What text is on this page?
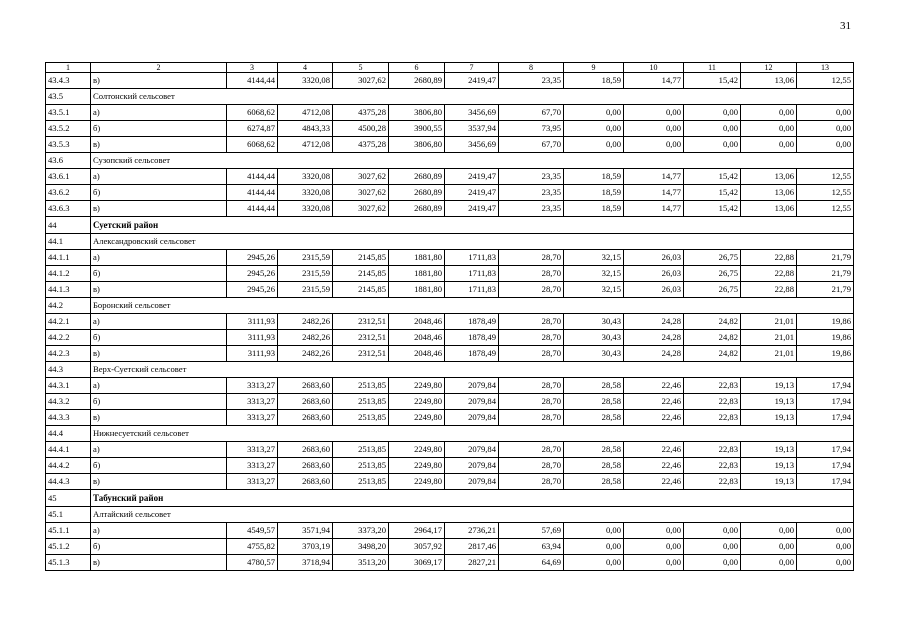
31
1	2	3	4	5	6	7	8	9	10	11	12	13
43.4.3	в)	4144,44	3320,08	3027,62	2680,89	2419,47	23,35	18,59	14,77	15,42	13,06	12,55
43.5	Солтонский сельсовет											
43.5.1	а)	6068,62	4712,08	4375,28	3806,80	3456,69	67,70	0,00	0,00	0,00	0,00	0,00
43.5.2	б)	6274,87	4843,33	4500,28	3900,55	3537,94	73,95	0,00	0,00	0,00	0,00	0,00
43.5.3	в)	6068,62	4712,08	4375,28	3806,80	3456,69	67,70	0,00	0,00	0,00	0,00	0,00
43.6	Сузопский сельсовет											
43.6.1	а)	4144,44	3320,08	3027,62	2680,89	2419,47	23,35	18,59	14,77	15,42	13,06	12,55
43.6.2	б)	4144,44	3320,08	3027,62	2680,89	2419,47	23,35	18,59	14,77	15,42	13,06	12,55
43.6.3	в)	4144,44	3320,08	3027,62	2680,89	2419,47	23,35	18,59	14,77	15,42	13,06	12,55
44	Суетский район											
44.1	Александровский сельсовет											
44.1.1	а)	2945,26	2315,59	2145,85	1881,80	1711,83	28,70	32,15	26,03	26,75	22,88	21,79
44.1.2	б)	2945,26	2315,59	2145,85	1881,80	1711,83	28,70	32,15	26,03	26,75	22,88	21,79
44.1.3	в)	2945,26	2315,59	2145,85	1881,80	1711,83	28,70	32,15	26,03	26,75	22,88	21,79
44.2	Боронский сельсовет											
44.2.1	а)	3111,93	2482,26	2312,51	2048,46	1878,49	28,70	30,43	24,28	24,82	21,01	19,86
44.2.2	б)	3111,93	2482,26	2312,51	2048,46	1878,49	28,70	30,43	24,28	24,82	21,01	19,86
44.2.3	в)	3111,93	2482,26	2312,51	2048,46	1878,49	28,70	30,43	24,28	24,82	21,01	19,86
44.3	Верх-Суетский сельсовет											
44.3.1	а)	3313,27	2683,60	2513,85	2249,80	2079,84	28,70	28,58	22,46	22,83	19,13	17,94
44.3.2	б)	3313,27	2683,60	2513,85	2249,80	2079,84	28,70	28,58	22,46	22,83	19,13	17,94
44.3.3	в)	3313,27	2683,60	2513,85	2249,80	2079,84	28,70	28,58	22,46	22,83	19,13	17,94
44.4	Нижнесуетский сельсовет											
44.4.1	а)	3313,27	2683,60	2513,85	2249,80	2079,84	28,70	28,58	22,46	22,83	19,13	17,94
44.4.2	б)	3313,27	2683,60	2513,85	2249,80	2079,84	28,70	28,58	22,46	22,83	19,13	17,94
44.4.3	в)	3313,27	2683,60	2513,85	2249,80	2079,84	28,70	28,58	22,46	22,83	19,13	17,94
45	Табунский район											
45.1	Алтайский сельсовет											
45.1.1	а)	4549,57	3571,94	3373,20	2964,17	2736,21	57,69	0,00	0,00	0,00	0,00	0,00
45.1.2	б)	4755,82	3703,19	3498,20	3057,92	2817,46	63,94	0,00	0,00	0,00	0,00	0,00
45.1.3	в)	4780,57	3718,94	3513,20	3069,17	2827,21	64,69	0,00	0,00	0,00	0,00	0,00
